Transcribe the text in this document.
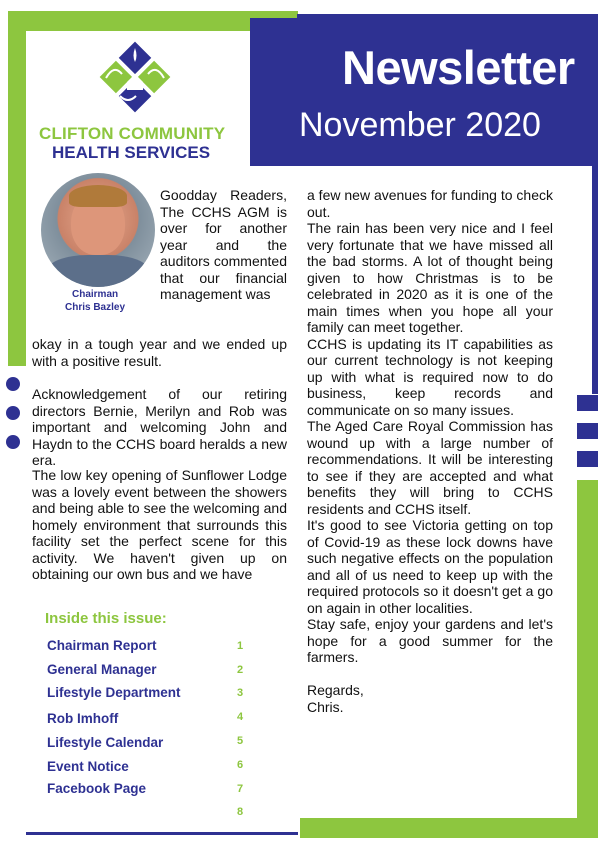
Newsletter
November 2020
CLIFTON COMMUNITY
HEALTH SERVICES
Chairman
Chris Bazley

Goodday Readers, The CCHS AGM is over for another year and the auditors commented that our financial management was

okay in a tough year and we ended up with a positive result.

Acknowledgement of our retiring directors Bernie, Merilyn and Rob was important and welcoming John and Haydn to the CCHS board heralds a new era.

The low key opening of Sunflower Lodge was a lovely event between the showers and being able to see the welcoming and homely environment that surrounds this facility set the perfect scene for this activity. We haven't given up on obtaining our own bus and we have

a few new avenues for funding to check out.
The rain has been very nice and I feel very fortunate that we have missed all the bad storms. A lot of thought being given to how Christmas is to be celebrated in 2020 as it is one of the main times when you hope all your family can meet together.
CCHS is updating its IT capabilities as our current technology is not keeping up with what is required now to do business, keep records and communicate on so many issues.
The Aged Care Royal Commission has wound up with a large number of recommendations. It will be interesting to see if they are accepted and what benefits they will bring to CCHS residents and CCHS itself.
It's good to see Victoria getting on top of Covid-19 as these lock downs have such negative effects on the population and all of us need to keep up with the required protocols so it doesn't get a go on again in other localities.
Stay safe, enjoy your gardens and let's hope for a good summer for the farmers.
Regards,
Chris.
Inside this issue:
Chairman Report	1
General Manager	2
Lifestyle Department	3
Rob Imhoff	4
Lifestyle Calendar	5
Event Notice	6
Facebook Page	7
8
